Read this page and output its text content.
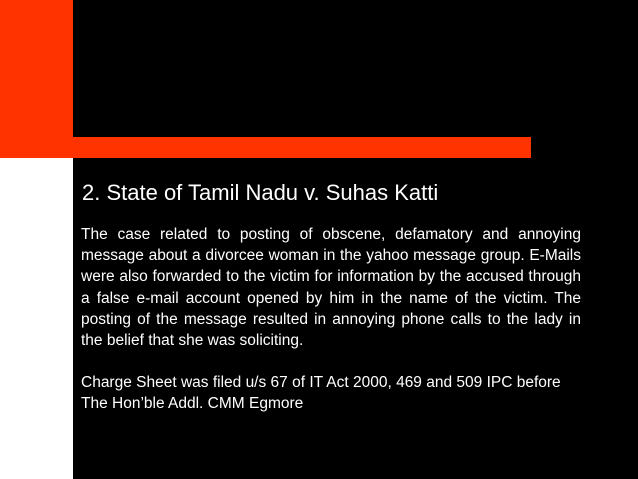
2. State of Tamil Nadu v. Suhas Katti

The case related to posting of obscene, defamatory and annoying message about a divorcee woman in the yahoo message group. E-Mails were also forwarded to the victim for information by the accused through a false e-mail account opened by him in the name of the victim. The posting of the message resulted in annoying phone calls to the lady in the belief that she was soliciting.

Charge Sheet was filed u/s 67 of IT Act 2000, 469 and 509 IPC before The Hon’ble Addl. CMM Egmore
